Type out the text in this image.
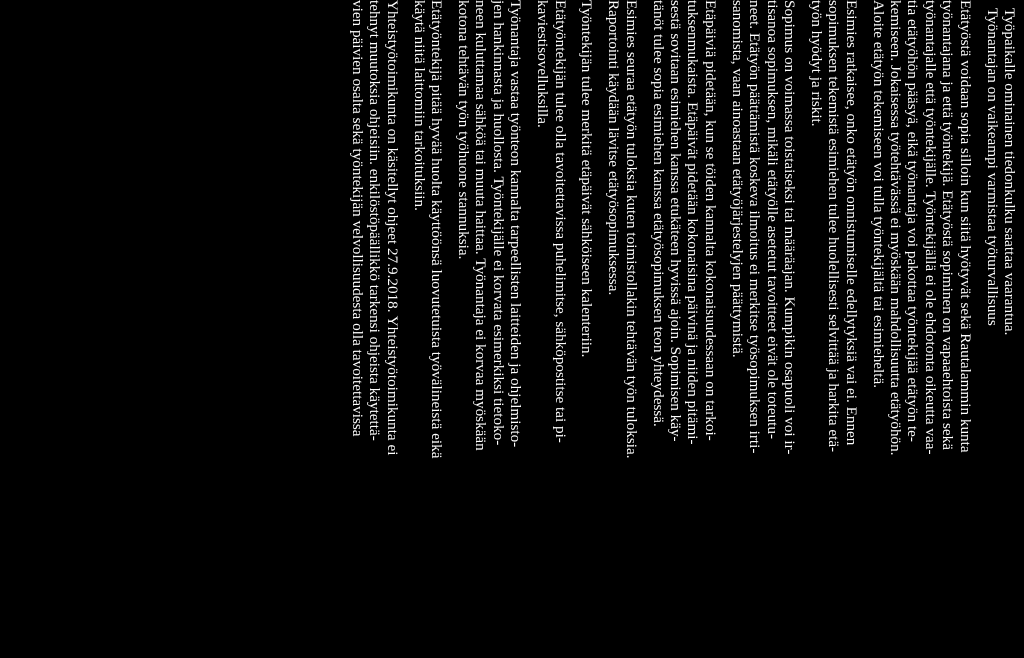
Työpaikalle ominainen tiedonkulku saattaa vaarantua.
Työnantajan on vaikeampi varmistaa työturvallisuus
Etätyöstä voidaan sopia silloin kun siitä hyötyvät sekä Rautalammin kunta
työnantajana ja että työntekijä. Etätyöstä sopiminen on vapaaehtoista sekä
työnantajalle että työntekijälle. Työntekijällä ei ole ehdotonta oikeutta vaa-
tia etätyöhön pääsyä, eikä työnantaja voi pakottaa työntekijää etätyön te-
kemiseen. Jokaisessa työtehtävässä ei myöskään mahdollisuutta etätyöhön.
Aloite etätyön tekemiseen voi tulla työntekijältä tai esimieheltä.
Esimies ratkaisee, onko etätyön onnistumiselle edellytyksiä vai ei. Ennen
sopimuksen tekemistä esimiehen tulee huolellisesti selvittää ja harkita etä-
työn hyödyt ja riskit.
Sopimus on voimassa toistaiseksi tai määräajan. Kumpikin osapuoli voi ir-
tisanoa sopimuksen, mikäli etätyölle asetetut tavoitteet eivät ole toteutu-
neet. Etätyön päättämistä koskeva ilmoitus ei merkitse työsopimuksen irti-
sanomista, vaan ainoastaan etätyöjärjestelyjen päättymistä.
Etäpäiviä pidetään, kun se töiden kannalta kokonaisuudessaan on tarkoi-
tuksenmukaista. Etäpäivät pidetään kokonaisina päivinä ja niiden pitämi-
sestä sovitaan esimiehen kanssa etukäteen hyvissä ajoin. Sopimisen käy-
tänöt tulee sopia esimiehen kanssa etätyösopimuksen teon yhteydessä.
Esimies seuraa etätyön tuloksia kuten toimistollakin tehtävän työn tuloksia.
Raportointi käydään lävitse etätyösopimuksessa.
Työntekijän tulee merkitä etäpäivät sähköiseen kalenteriin.
Etätyöntekijän tulee olla tavoitettavissa puhelimitse, sähköpostitse tai pi-
kaviestisovelluksilla.
Työnantaja vastaa työnteon kannalta tarpeellisten laitteiden ja ohjelmisto-
jen hankinnasta ja huollosta. Työntekijälle ei korvata esimerkiksi tietoko-
neen kuluttamaa sähköä tai muuta haittaa. Työnantaja ei korvaa myöskään
kotona tehtävän työn työhuone stannuksia.
Etätyöntekijä pitää hyvää huolta käyttöönsä luovutetuista työvälineistä eikä
käytä niitä laittomiin tarkoituksiin.
Yhteistyötoimikunta on käsitellyt ohjeet 27.9.2018. Yhteistyötoimikunta ei
tehnyt muutoksia ohjeisiin. enkilöstöpäällikkö tarkensi ohjeista käytettä-
vien päivien osalta sekä työntekijän velvollisuudesta olla tavoitettavissa
